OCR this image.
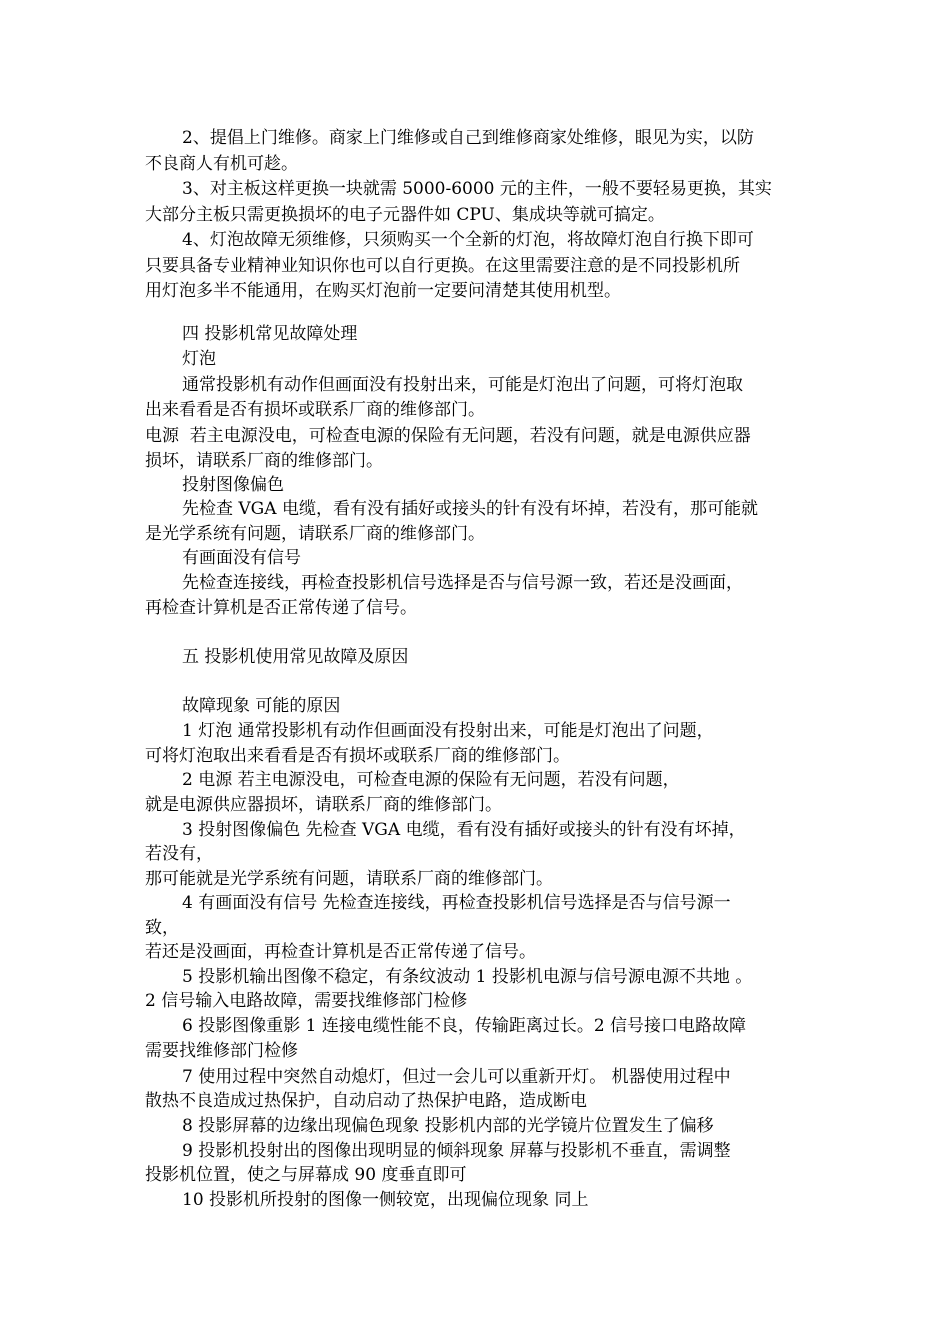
2、提倡上门维修。商家上门维修或自己到维修商家处维修，眼见为实，以防

不良商人有机可趁。

3、对主板这样更换一块就需 5000-6000 元的主件，一般不要轻易更换，其实

大部分主板只需更换损坏的电子元器件如 CPU、集成块等就可搞定。

4、灯泡故障无须维修，只须购买一个全新的灯泡，将故障灯泡自行换下即可

只要具备专业精神业知识你也可以自行更换。在这里需要注意的是不同投影机所

用灯泡多半不能通用，在购买灯泡前一定要问清楚其使用机型。

四 投影机常见故障处理

灯泡

通常投影机有动作但画面没有投射出来，可能是灯泡出了问题，可将灯泡取

出来看看是否有损坏或联系厂商的维修部门。

电源  若主电源没电，可检查电源的保险有无问题，若没有问题，就是电源供应器

损坏，请联系厂商的维修部门。

投射图像偏色

先检查 VGA 电缆，看有没有插好或接头的针有没有坏掉，若没有，那可能就

是光学系统有问题，请联系厂商的维修部门。

有画面没有信号

先检查连接线，再检查投影机信号选择是否与信号源一致，若还是没画面，

再检查计算机是否正常传递了信号。

五 投影机使用常见故障及原因

故障现象 可能的原因

1 灯泡 通常投影机有动作但画面没有投射出来，可能是灯泡出了问题，

可将灯泡取出来看看是否有损坏或联系厂商的维修部门。

2 电源 若主电源没电，可检查电源的保险有无问题，若没有问题，

就是电源供应器损坏，请联系厂商的维修部门。

3 投射图像偏色 先检查 VGA 电缆，看有没有插好或接头的针有没有坏掉，

若没有，

那可能就是光学系统有问题，请联系厂商的维修部门。

4 有画面没有信号 先检查连接线，再检查投影机信号选择是否与信号源一

致，

若还是没画面，再检查计算机是否正常传递了信号。

5 投影机输出图像不稳定，有条纹波动 1 投影机电源与信号源电源不共地 。

2 信号输入电路故障，需要找维修部门检修

6 投影图像重影 1 连接电缆性能不良，传输距离过长。2 信号接口电路故障

需要找维修部门检修

7 使用过程中突然自动熄灯，但过一会儿可以重新开灯。 机器使用过程中

散热不良造成过热保护，自动启动了热保护电路，造成断电

8 投影屏幕的边缘出现偏色现象 投影机内部的光学镜片位置发生了偏移

9 投影机投射出的图像出现明显的倾斜现象 屏幕与投影机不垂直，需调整

投影机位置，使之与屏幕成 90 度垂直即可

10 投影机所投射的图像一侧较宽，出现偏位现象 同上
